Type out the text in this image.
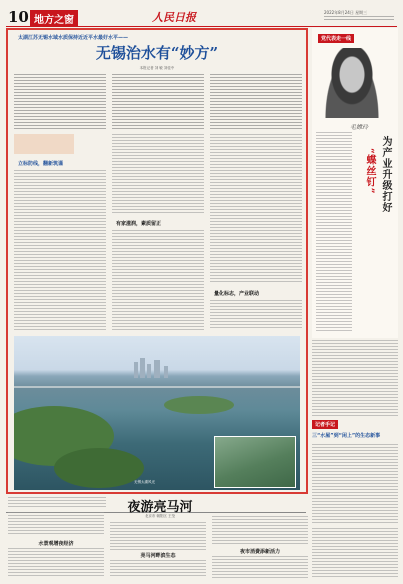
10 地方之窗	人民日报	2022年8月24日 星期三
太湖江苏无锡水域水质保持近近平水最好水平——
无锡治水有“妙方”
本报记者 刘 敏 刘佳中
立标防线，翻新筑谨
有家滋润，素质留正
量化标志，产业联动
无锡太湖风光
党代表走一线
毛嫦玲
为产业升级打好
“蝶丝钉”
记者手记
三“水屋”到“闲上”的生态新事
夜游亮马河
北京市 朝阳区 王莹
水景观增夜经济
亮马河畔滨生态
夜市消费添新活力
